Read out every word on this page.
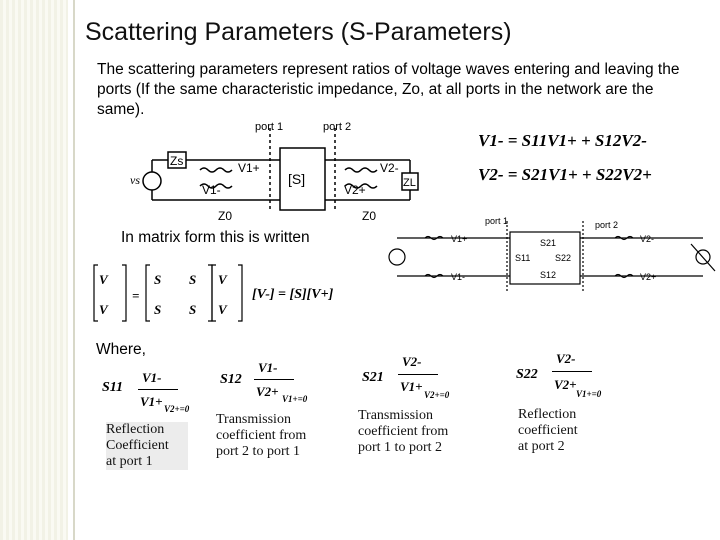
Scattering Parameters (S-Parameters)
The scattering parameters represent ratios of voltage waves entering and leaving the ports (If the same characteristic impedance, Zo, at all ports in the network are the same).
vs
Zs
ZL
[S]
port 1	port 2
V1+
V1-
V2-
V2+
Z0	Z0
V1- = S11V1+ + S12V2-
V2- = S21V1+ + S22V2+
In matrix form this is written
port 1	port 2
V1+
V1-
V2-
V2+
S21
S11	S22
S12
V
V
S S
S S
V
V
=	[V-] = [S][V+]
Where,
S11
V1-
V1+ V2+=0
Reflection
Coefficient
at port 1
S12
V1-
V2+ V1+=0
Transmission
coefficient from
port 2 to port 1
S21
V2-
V1+
V2+=0
Transmission
coefficient from
port 1 to port 2
S22
V2-
V2+
V1+=0
Reflection
coefficient
at port 2
